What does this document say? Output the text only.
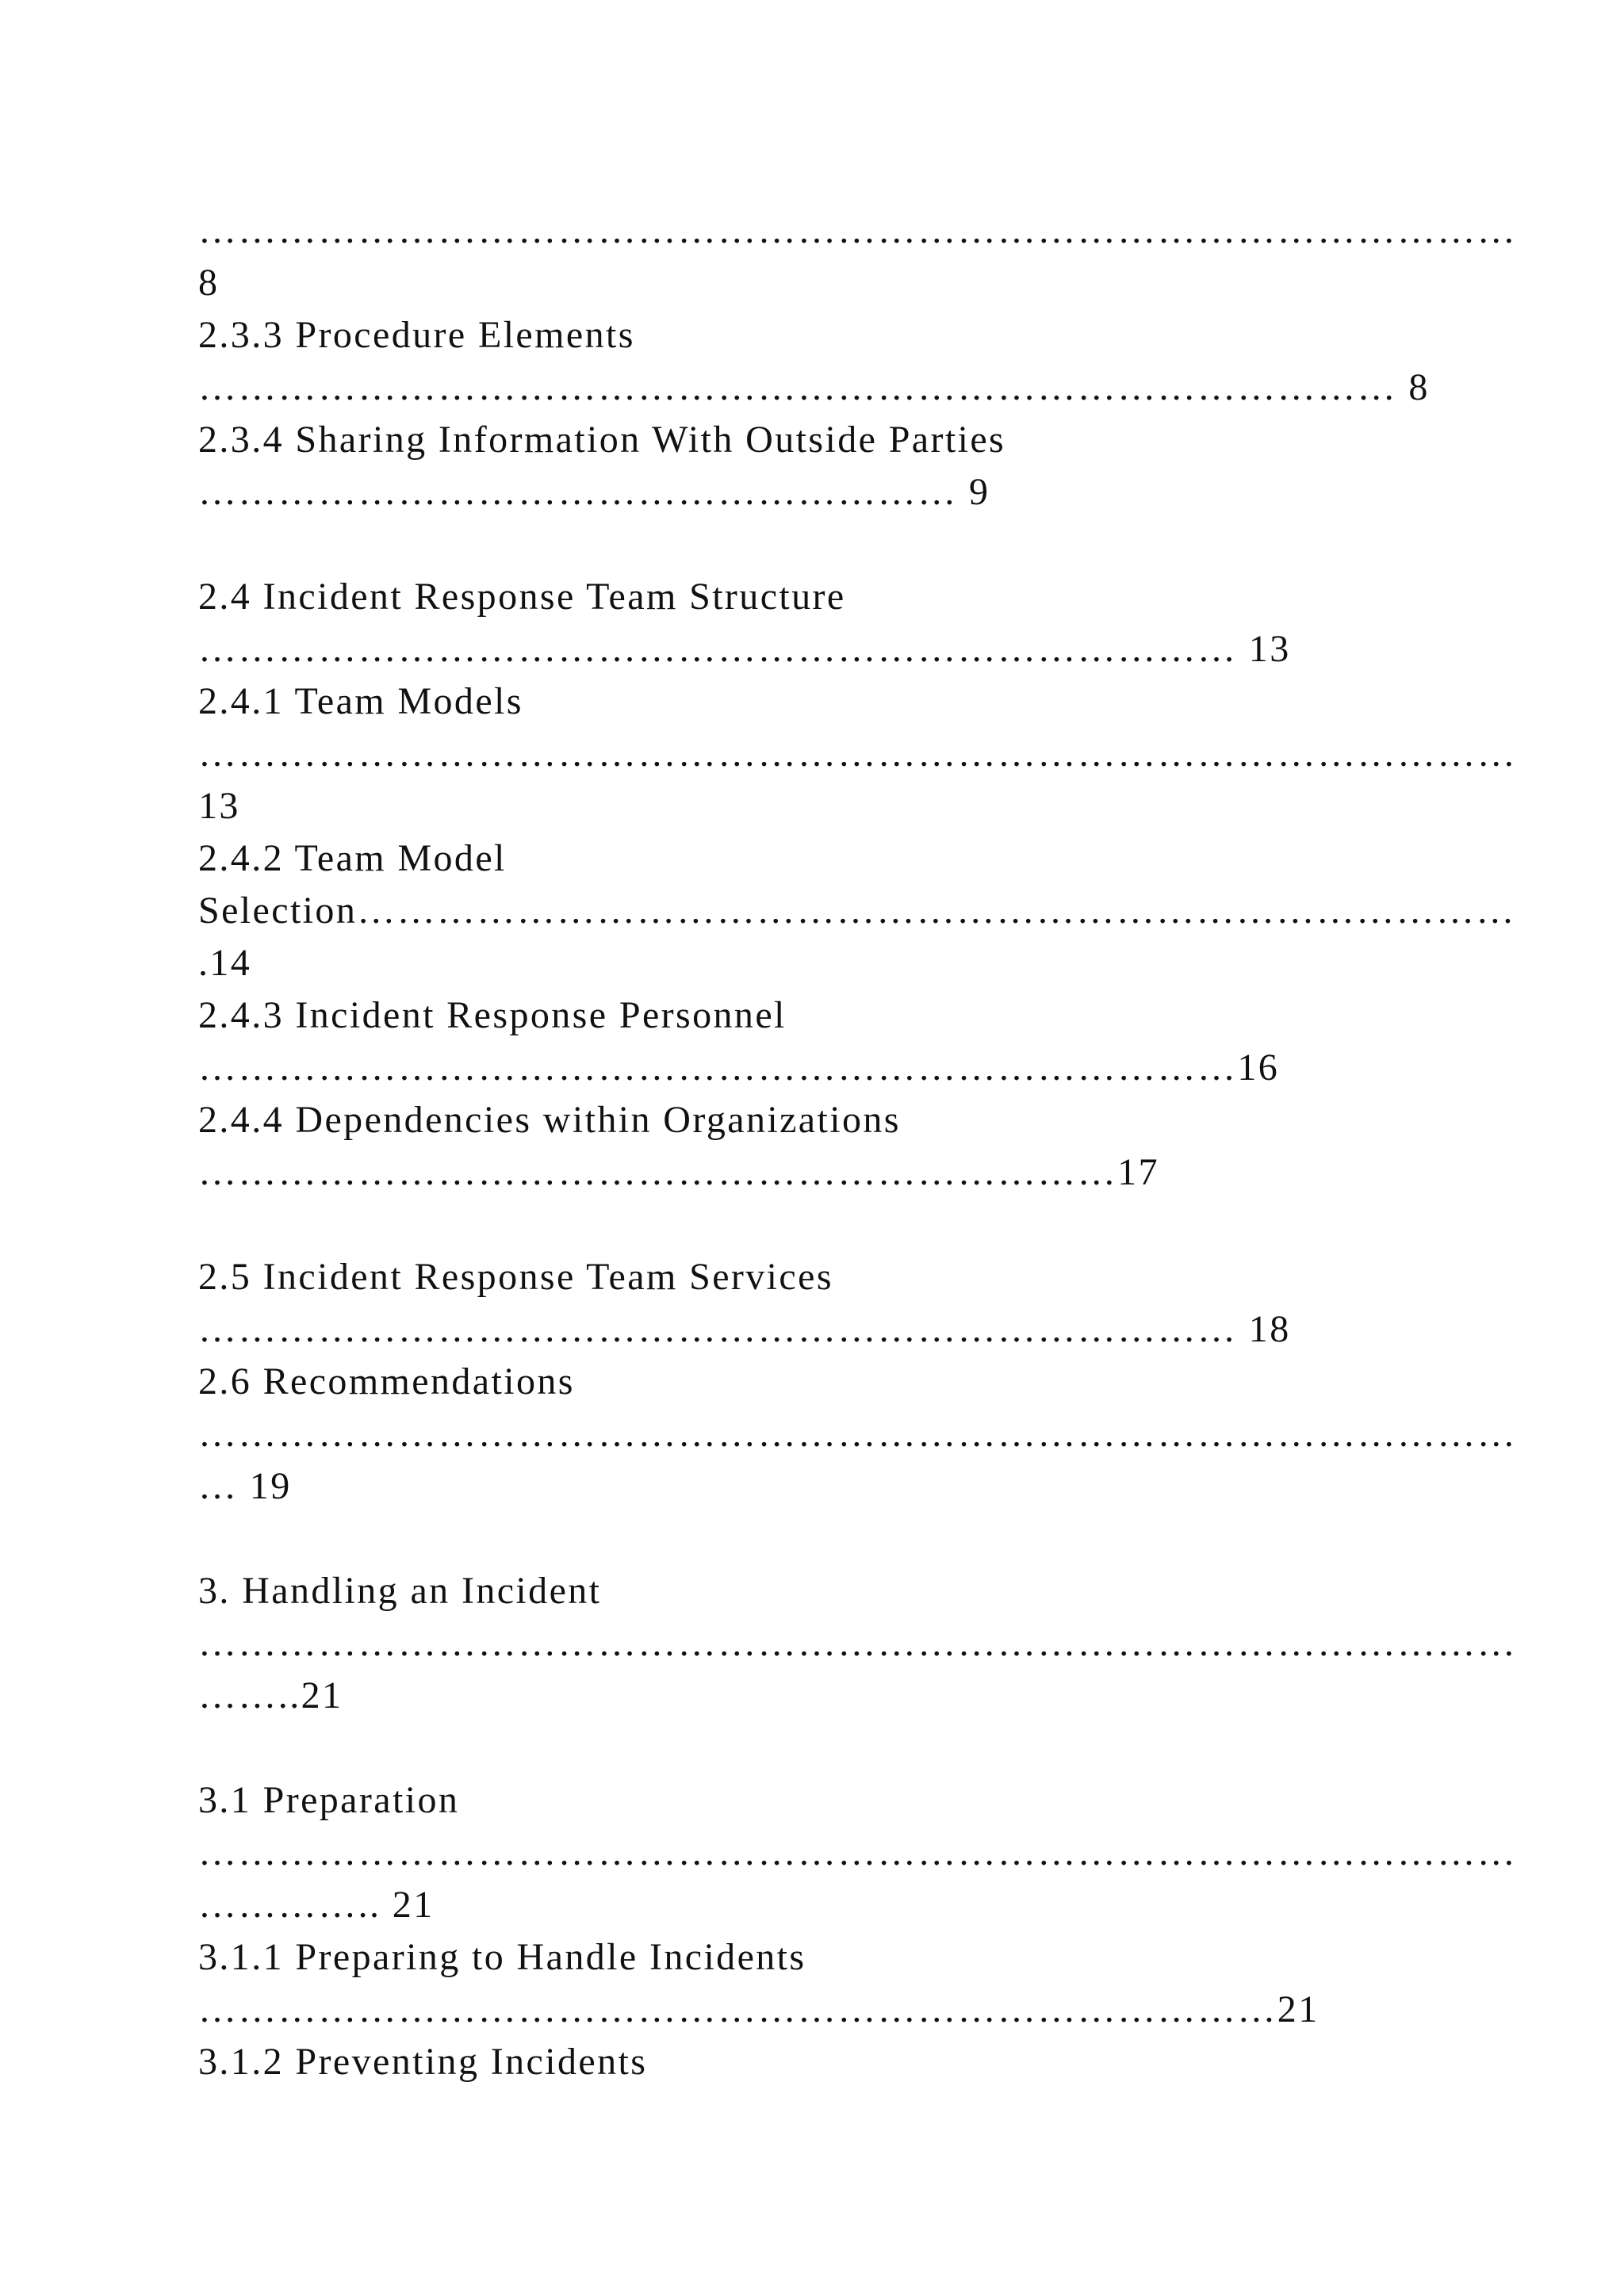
………………………………………………………………………………………
8
2.3.3 Procedure Elements
……………………………………………………………………………… 8
2.3.4 Sharing Information With Outside Parties
………………………………………………… 9
2.4 Incident Response Team Structure
…………………………………………………………………… 13
2.4.1 Team Models
………………………………………………………………………………………
13
2.4.2 Team Model
Selection……………………………………………………………………………
.14
2.4.3 Incident Response Personnel
……………………………………………………………………16
2.4.4 Dependencies within Organizations
……………………………………………………………17
2.5 Incident Response Team Services
…………………………………………………………………… 18
2.6 Recommendations
………………………………………………………………………………………
… 19
3. Handling an Incident
………………………………………………………………………………………
……..21
3.1 Preparation
………………………………………………………………………………………
………….. 21
3.1.1 Preparing to Handle Incidents
………………………………………………………………………21
3.1.2 Preventing Incidents
